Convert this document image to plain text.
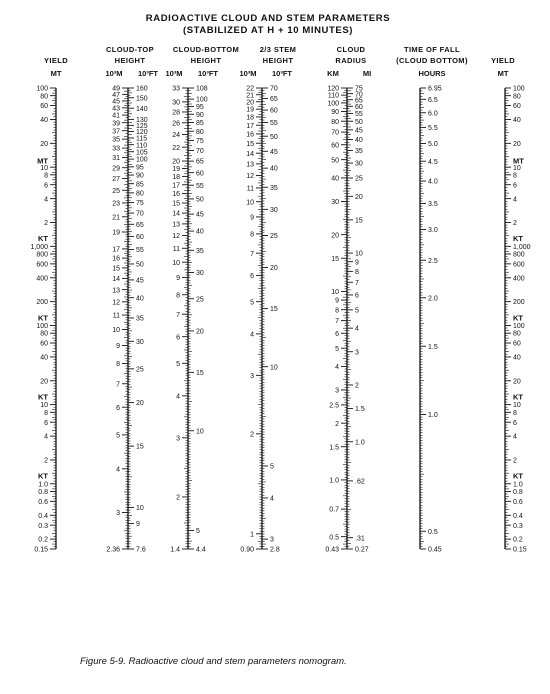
RADIOACTIVE CLOUD AND STEM PARAMETERS
(STABILIZED AT H + 10 MINUTES)
YIELD
MT
100
80
60
40
20
MT
10
8
6
4
2
KT
1,000
800
600
400
200
KT
100
80
60
40
20
KT
10
8
6
4
2
KT
1.0
0.8
0.6
0.4
0.3
0.2
0.15
CLOUD-TOP
HEIGHT
10³M 10³FT
49
47
45
43
41
39
37
35
33
31
29
27
25
23
21
19
17
16
15
14
13
12
11
10
9
8
7
6
5
4
3
2.36
160
150
140
130
125
120
115
110
105
100
95
90
85
80
75
70
65
60
55
50
45
40
35
30
25
20
15
10
9
7.6
CLOUD-BOTTOM
HEIGHT
10³M 10³FT
33
30
28
26
24
22
20
19
18
17
16
15
14
13
12
11
10
9
8
7
6
5
4
3
2
1.4
108
100
95
90
85
80
75
70
65
60
55
50
45
40
35
30
25
20
15
10
5
4.4
2/3 STEM
HEIGHT
10³M 10³FT
22
21
20
19
18
17
16
15
14
13
12
11
10
9
8
7
6
5
4
3
2
1
0.90
70
65
60
55
50
45
40
35
30
25
20
15
10
5
4
3
2.8
CLOUD
RADIUS
KM	MI
120
110
100
90
80
70
60
50
40
30
20
15
10
9
8
7
6
5
4
3
2.5
2
1.5
1.0
0.7
0.5
0.43
75
70
65
60
55
50
45
40
35
30
25
20
15
10
9
8
7
6
5
4
3
2
1.5
1.0
.62
.31
0.27
TIME OF FALL
(CLOUD BOTTOM)
HOURS
6.95
6.5
6.0
5.5
5.0
4.5
4.0
3.5
3.0
2.5
2.0
1.5
1.0
0.5
0.45
YIELD
MT
100
80
60
40
20
MT
10
8
6
4
2
KT
1,000
800
600
400
200
KT
100
80
60
40
20
KT
10
8
6
4
2
KT
1.0
0.8
0.6
0.4
0.3
0.2
0.15
Figure 5-9. Radioactive cloud and stem parameters nomogram.
